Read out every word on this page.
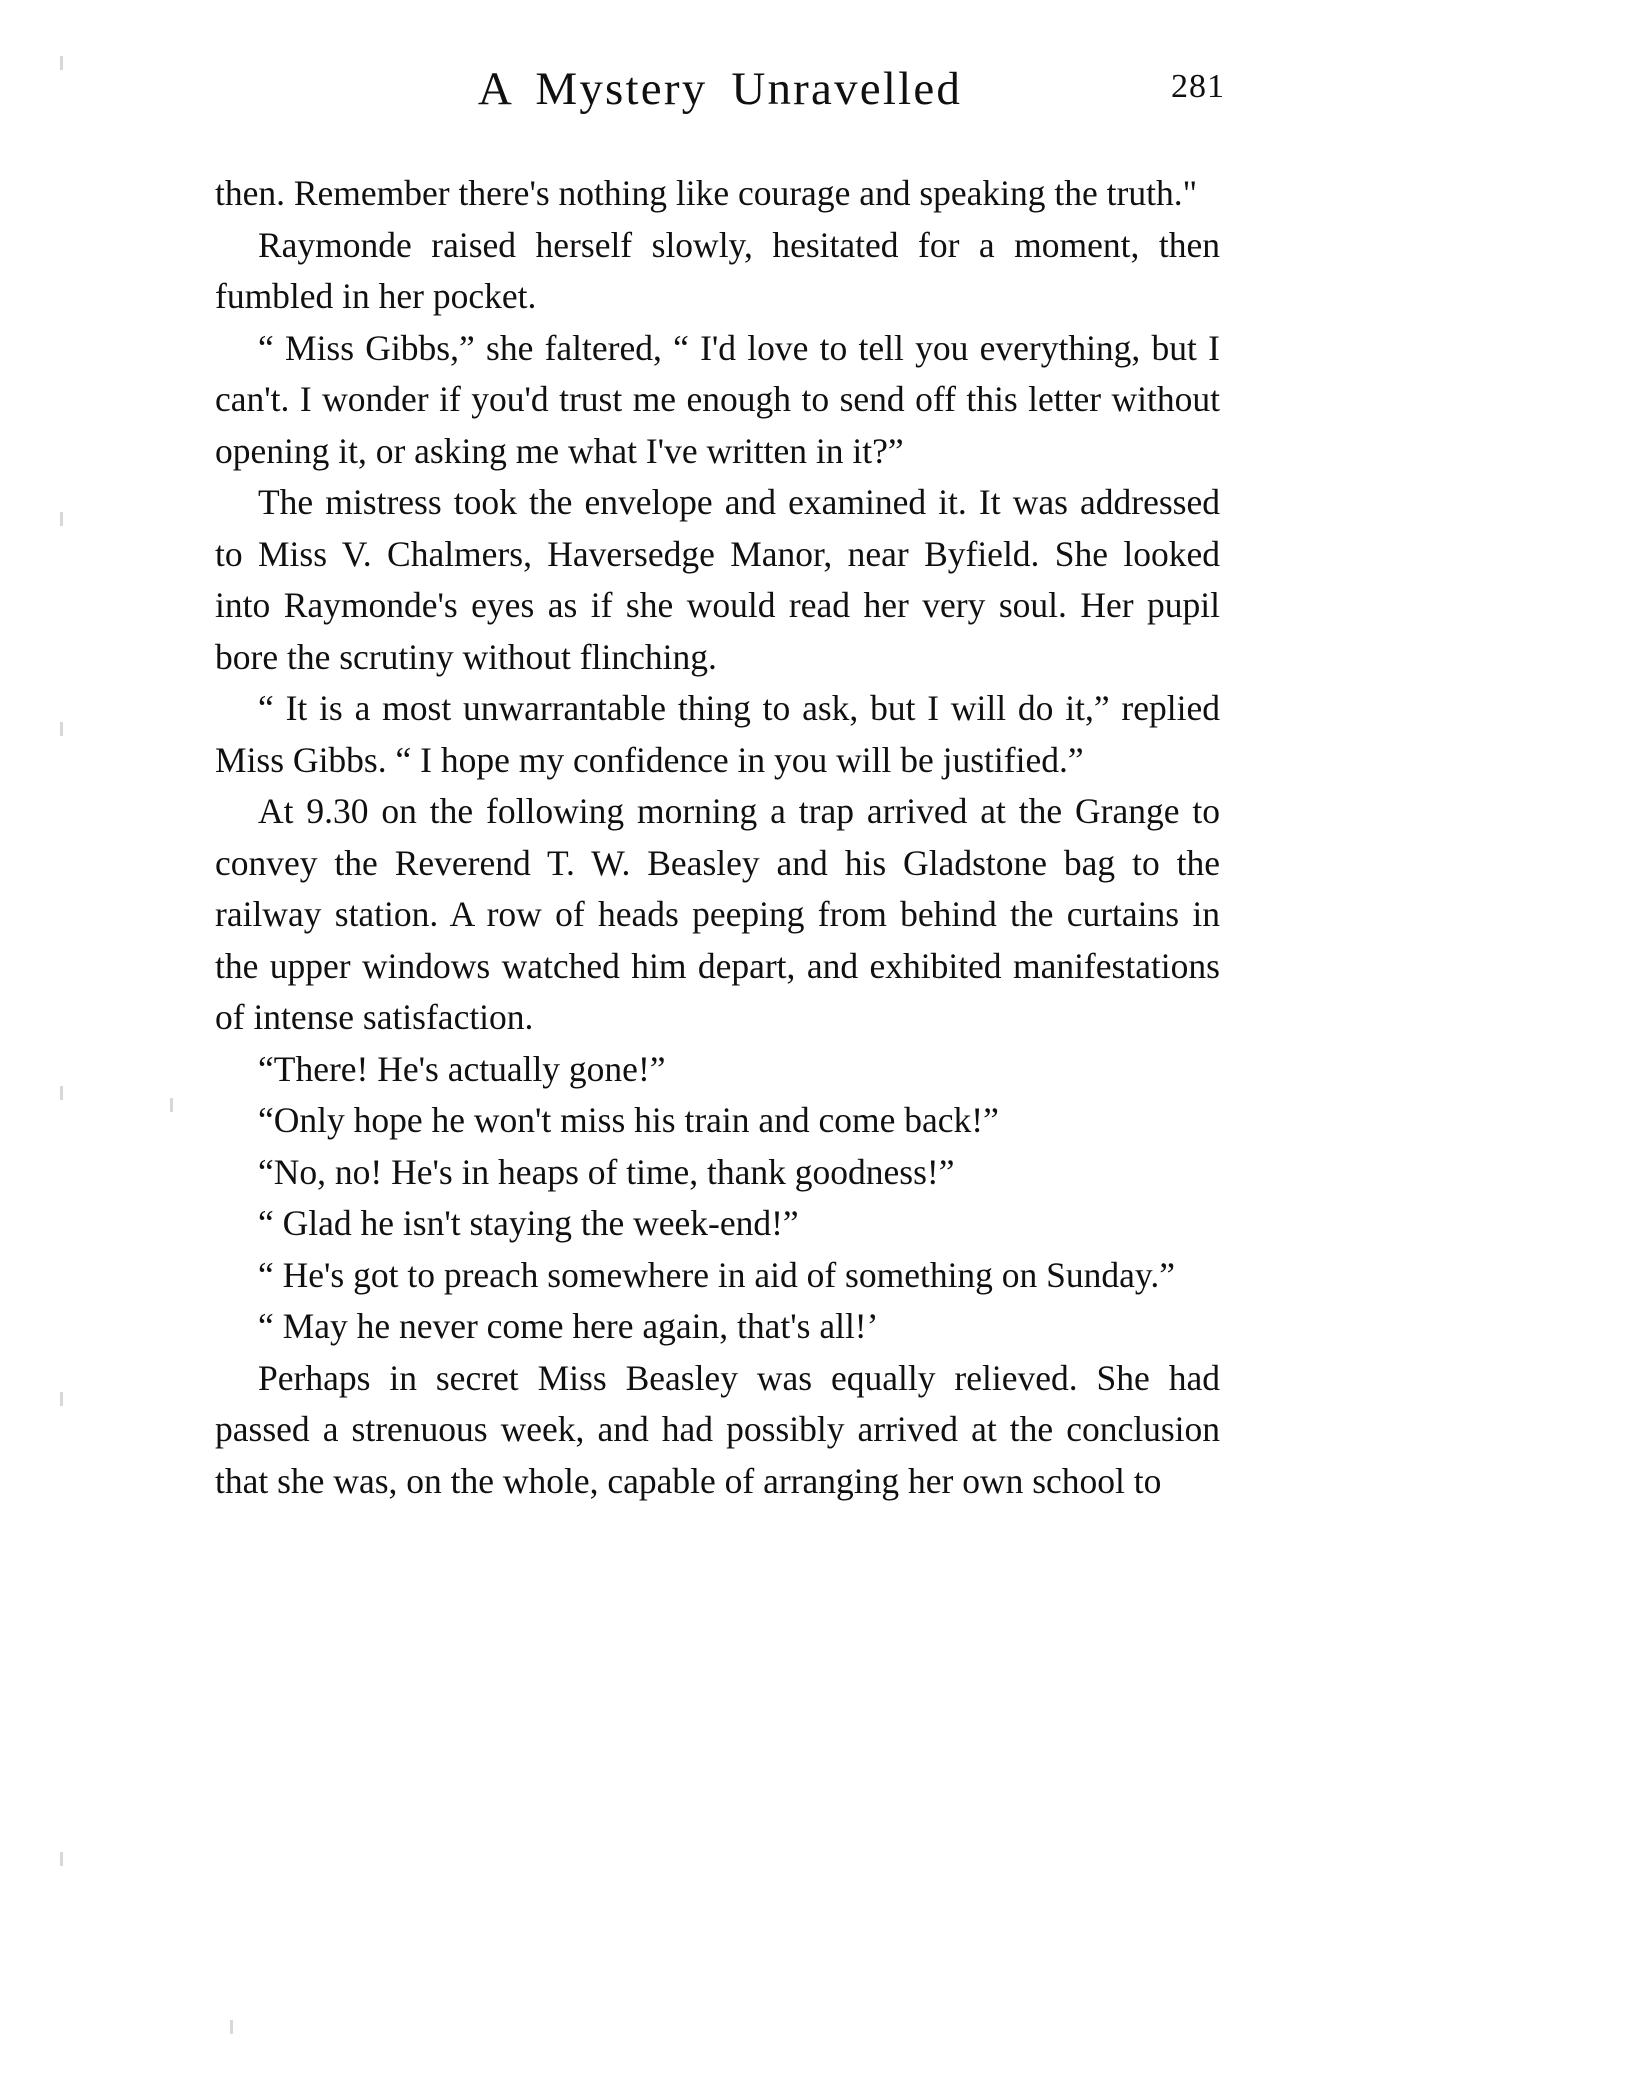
A Mystery Unravelled	281

then. Remember there's nothing like courage and speaking the truth."

Raymonde raised herself slowly, hesitated for a moment, then fumbled in her pocket.

“ Miss Gibbs,” she faltered, “ I'd love to tell you everything, but I can't. I wonder if you'd trust me enough to send off this letter without opening it, or asking me what I've written in it?”

The mistress took the envelope and examined it. It was addressed to Miss V. Chalmers, Haversedge Manor, near Byfield. She looked into Raymonde's eyes as if she would read her very soul. Her pupil bore the scrutiny without flinching.

“ It is a most unwarrantable thing to ask, but I will do it,” replied Miss Gibbs. “ I hope my confidence in you will be justified.”

At 9.30 on the following morning a trap arrived at the Grange to convey the Reverend T. W. Beasley and his Gladstone bag to the railway station. A row of heads peeping from behind the curtains in the upper windows watched him depart, and exhibited manifestations of intense satisfaction.

“There! He's actually gone!”

“Only hope he won't miss his train and come back!”

“No, no! He's in heaps of time, thank goodness!”

“ Glad he isn't staying the week-end!”

“ He's got to preach somewhere in aid of something on Sunday.”

“ May he never come here again, that's all!’

Perhaps in secret Miss Beasley was equally relieved. She had passed a strenuous week, and had possibly arrived at the conclusion that she was, on the whole, capable of arranging her own school to
